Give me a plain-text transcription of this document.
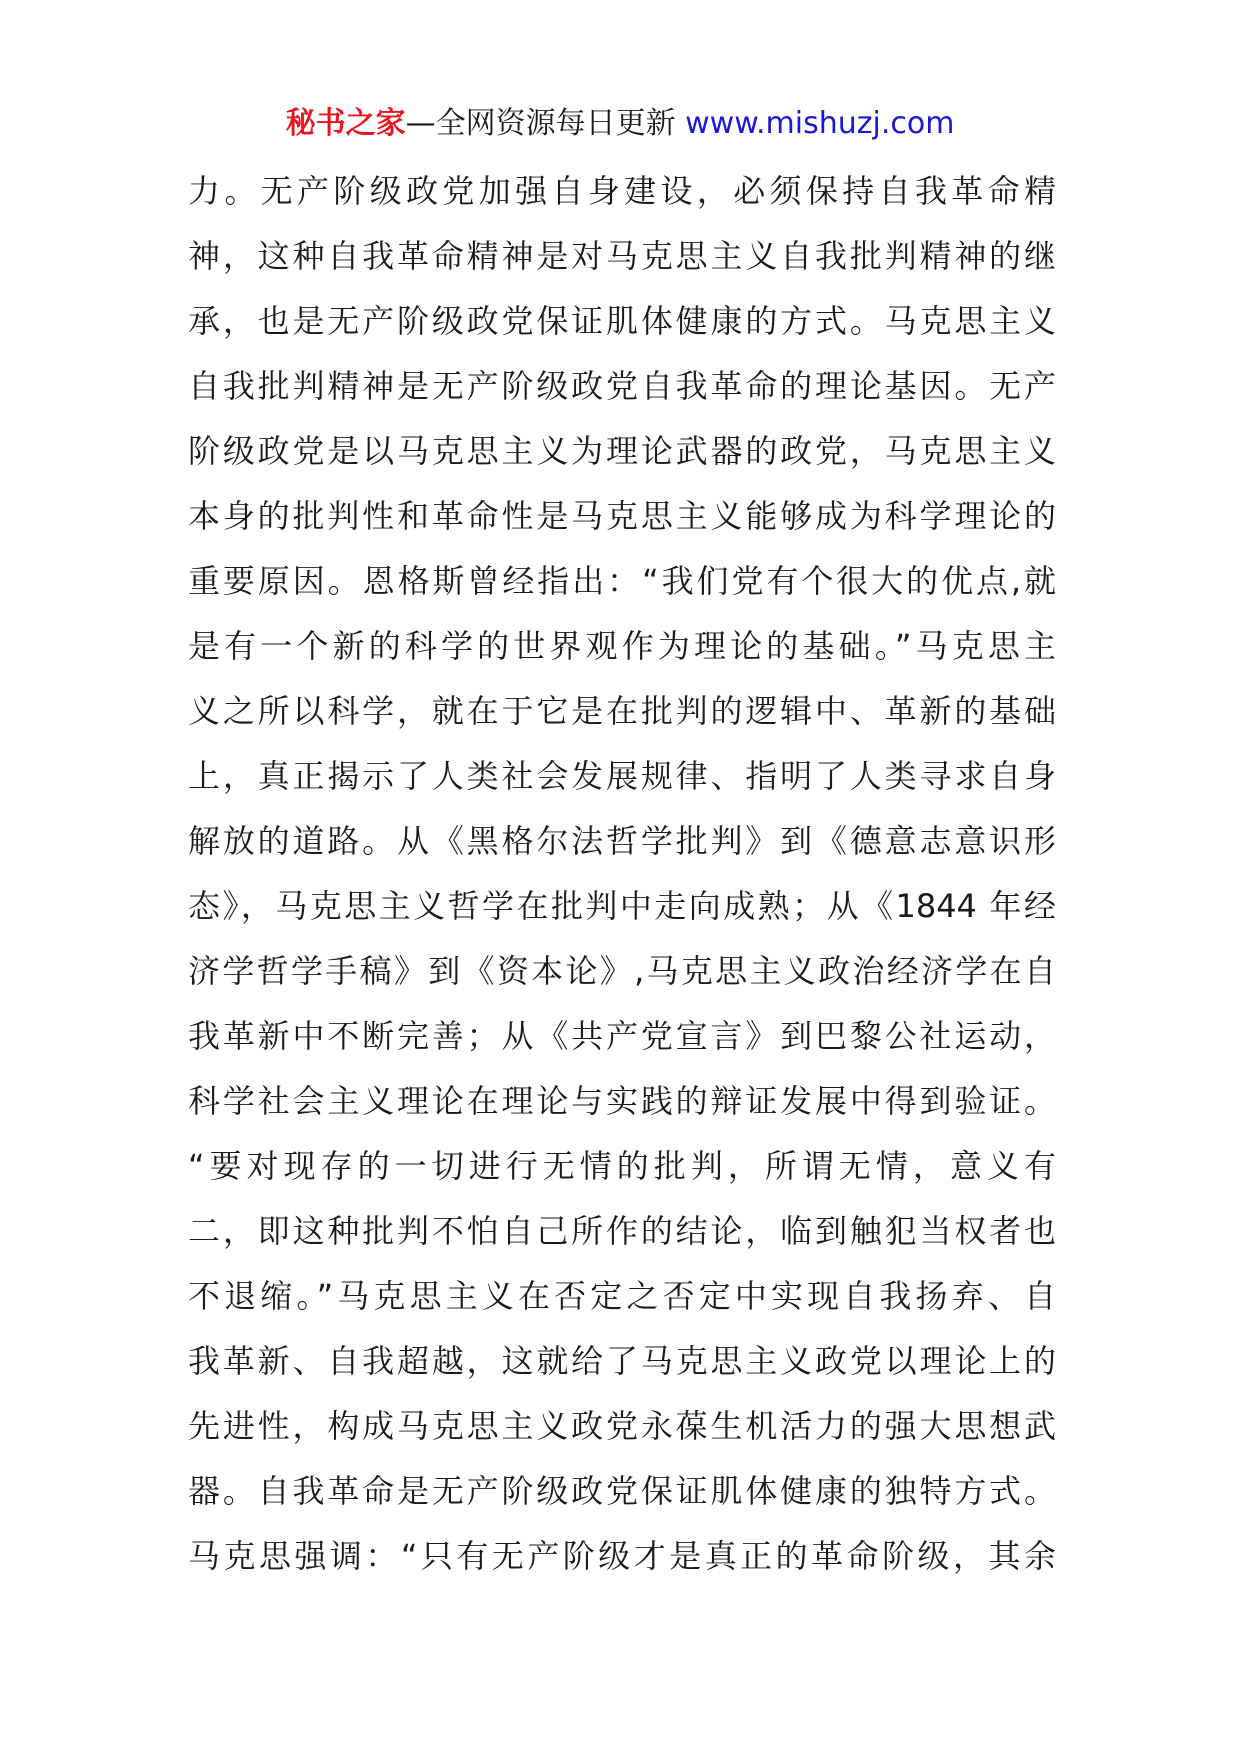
秘书之家—全网资源每日更新 www.mishuzj.com
力。无产阶级政党加强自身建设，必须保持自我革命精
神，这种自我革命精神是对马克思主义自我批判精神的继
承，也是无产阶级政党保证肌体健康的方式。马克思主义
自我批判精神是无产阶级政党自我革命的理论基因。无产
阶级政党是以马克思主义为理论武器的政党，马克思主义
本身的批判性和革命性是马克思主义能够成为科学理论的
重要原因。恩格斯曾经指出：“我们党有个很大的优点,就
是有一个新的科学的世界观作为理论的基础。”马克思主
义之所以科学，就在于它是在批判的逻辑中、革新的基础
上，真正揭示了人类社会发展规律、指明了人类寻求自身
解放的道路。从《黑格尔法哲学批判》到《德意志意识形
态》，马克思主义哲学在批判中走向成熟；从《1844 年经
济学哲学手稿》到《资本论》,马克思主义政治经济学在自
我革新中不断完善；从《共产党宣言》到巴黎公社运动，
科学社会主义理论在理论与实践的辩证发展中得到验证。
“要对现存的一切进行无情的批判，所谓无情，意义有
二，即这种批判不怕自己所作的结论，临到触犯当权者也
不退缩。”马克思主义在否定之否定中实现自我扬弃、自
我革新、自我超越，这就给了马克思主义政党以理论上的
先进性，构成马克思主义政党永葆生机活力的强大思想武
器。自我革命是无产阶级政党保证肌体健康的独特方式。
马克思强调：“只有无产阶级才是真正的革命阶级，其余
